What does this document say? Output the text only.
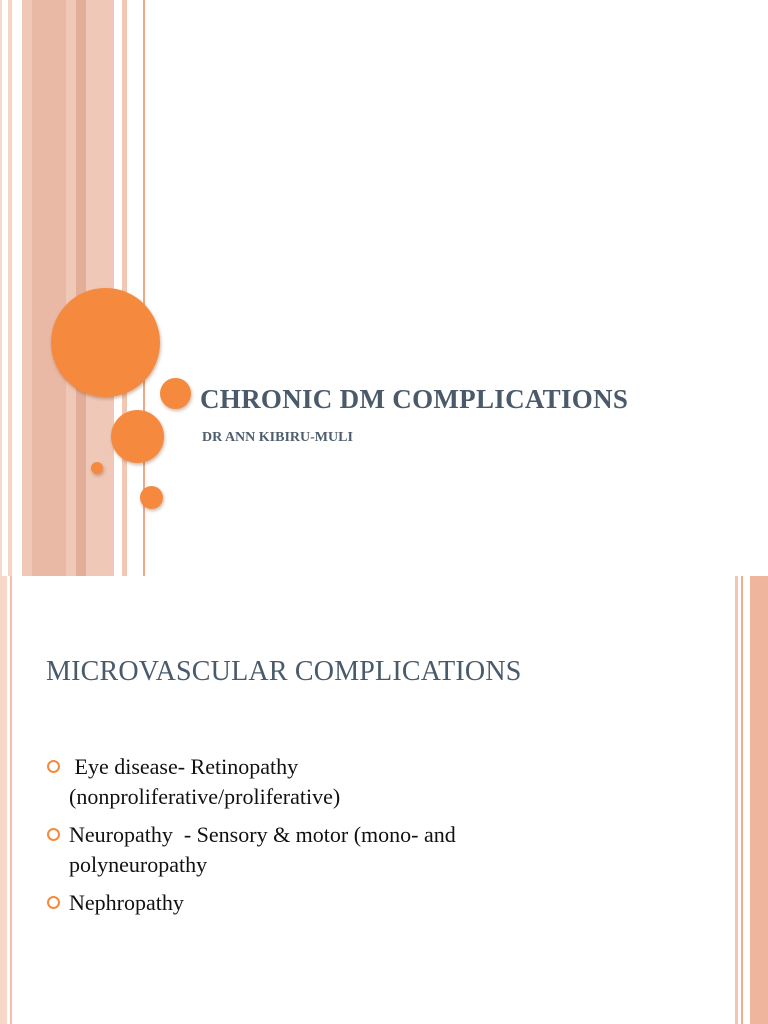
CHRONIC DM COMPLICATIONS

DR ANN KIBIRU-MULI

MICROVASCULAR COMPLICATIONS
Eye disease- Retinopathy (nonproliferative/proliferative)
Neuropathy  - Sensory & motor (mono- and polyneuropathy
Nephropathy
